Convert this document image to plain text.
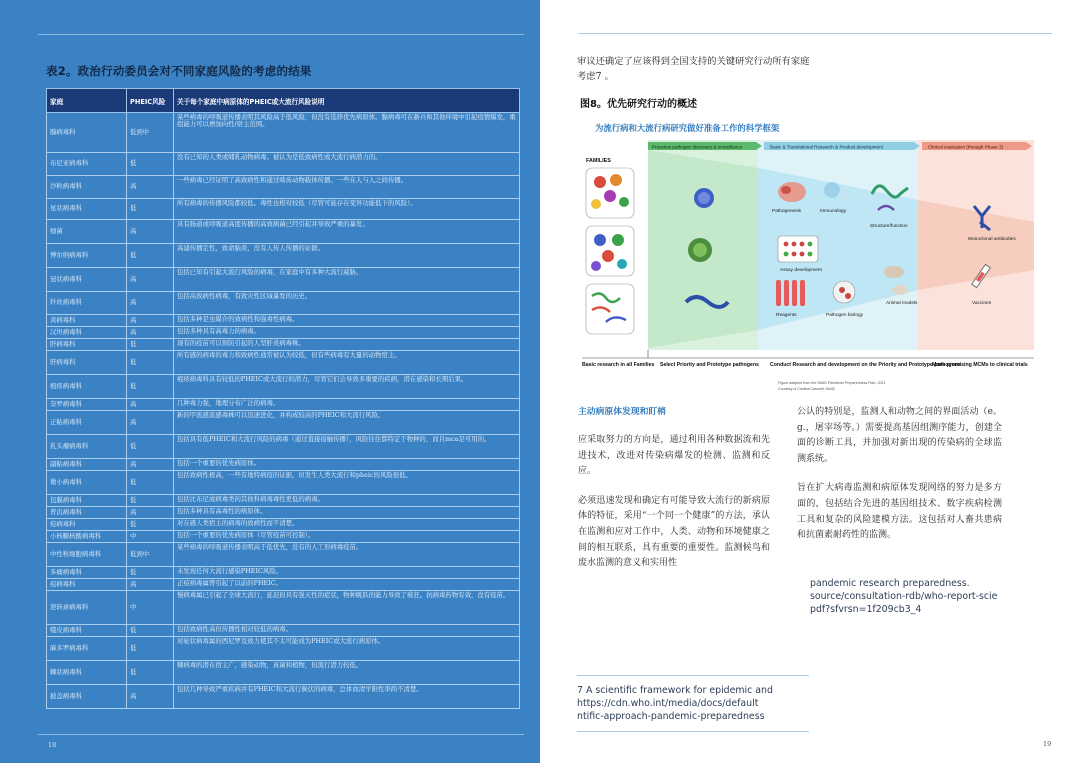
表2。政治行动委员会对不同家庭风险的考虑的结果
家庭	PHEIC风险	关于每个家庭中病原体的PHEIC或大流行风险说明
腺病毒科	低到中	某些病毒的呼吸道传播表明其风险高于低风险，但没有选择优先病原体。腺病毒可在新兵和其他环境中引起疫情爆发，重组能力可以增加向性/宿主范围。
布尼亚病毒科	低	没有已知的人类或哺乳动物病毒。被认为是低致病性或大流行病潜力的。
沙粒病毒科	高	一些病毒已经证明了高致病性和通过啮齿动物载体传播。一些在人与人之间传播。
星状病毒科	低	所有病毒的传播风险都较低。毒性也相对较低（尽管可能存在变异功能低下的风险）。
细菌	高	具有肠道或呼吸道高度传播的高致病菌已经引起并导致严重的暴发。
博尔纳病毒科	低	高建传播定性，致命脑炎，没有人传人传播的证据。
冠状病毒科	高	包括已知有引起大流行风险的病毒，在家庭中有多种大流行威胁。
纤丝病毒科	高	包括高致病性病毒，有致灾性区域暴发的历史。
黄病毒科	高	包括多种是虫媒介的致病性和强毒性病毒。
汉坦病毒科	高	包括多种具有高毒力的病毒。
肝病毒科	低	现有的疫苗可以预防引起的人型肝炎病毒株。
肝病毒科	低	所有感的病毒的毒力和致病性通常被认为较低，但有些病毒有大量的动物宿主。
疱疹病毒科	低	疱疹病毒科具有较低的PHEIC或大流行的潜力，尽管它们会导致多重要的疾病，潜在感染和长期后果。
奈罗病毒科	高	几种毒力强，地理分布广泛的病毒。
正粘病毒科	高	新的甲流感流感毒株可以迅速进化，并构成较高的PHEIC和大流行风险。
乳头瘤病毒科	低	包括具有低PHEIC和大流行风险的病毒（通过直接接触传播），风险往往都特定于物种的，而且mca是可用的。
副粘病毒科	高	包括一个重要的优先病原体。
微小病毒科	低	包括致病性极高，一些有地特病疫的证据，但发生人类大流行和pheic的风险很低。
包膜病毒科	低	包括比布尼或病毒类的其他科病毒毒性更低的病毒。
普沉病毒科	高	包括多种具有高毒性的病原体。
痘病毒科	低	对在感人类宿主的病毒的致病性而不清楚。
小核糖核酸病毒科	中	包括一个重要的优先病原体（尽管疫苗可控制）。
中性粒细胞病毒科	低到中	某些病毒的呼吸道传播表明高于低优先，没有的人工形病毒疫苗。
多瘤病毒科	低	未发现任何大流行感染PHEIC风险。
痘病毒科	高	正痘病毒属曾引起了以前的PHEIC。
逆转录病毒科	中	慢病毒属已引起了全球大流行，延迟但具有强灭性的症状，物种跳跃的能力导致了疯狂。抗病毒药物有效，没有疫苗。
噬皮病毒科	低	包括致病性高但传播性相对较低的病毒。
麻多罗病毒科	低	对轮状病毒属的西尼罗及致力使其不太可能成为PHEIC或大流行病原体。
棘状病毒科	低	棘病毒的潜在宿主广，感染动物，真菌和植物，但流行潜力较低。
披盖病毒科	高	包括几种导致严重疾病并有PHEIC和大流行倒伏的病毒，总体血清学阳性率尚不清楚。
18

审议还确定了应该得到全国支持的关键研究行动所有家庭考虑7 。

图8。优先研究行动的概述
为流行病和大流行病研究做好准备工作的科学框架
Proactive pathogen discovery & surveillance	Basic & Translational Research & Product development	Clinical evaluation (through Phase 3)
FAMILIES
Pathogenesis	Immunology
Structure/function
Assay development
Reagents	Pathogen biology
Animal models
Monoclonal antibodies
Vaccines
Basic research in all Families Select Priority and Prototype pathogens Conduct Research and development on the Priority and Prototype pathogens
Move promising MCMs to clinical trials
Figure adapted from the NIAID Pandemic Preparedness Plan, 2021
Courtesy of Cristina Cassetti, NIAID
主动病原体发现和盯梢

应采取努力的方向是，通过利用各种数据流和先进技术，改进对传染病爆发的检测、监测和反应。

必须迅速发现和确定有可能导致大流行的新病原体的特征，采用“一个同一个健康”的方法，承认在监测和应对工作中，人类、动物和环境健康之间的相互联系，具有重要的重要性。监测候鸟和废水监测的意义和实用性

公认的特别是，监测人和动物之间的界面活动（e。g.，屠宰场等。）需要提高基因组测序能力，创建全面的诊断工具，并加强对新出现的传染病的全球监测系统。

旨在扩大病毒监测和病原体发现网络的努力是多方面的，包括结合先进的基因组技术、数字疾病检测工具和复杂的风险建模方法。这包括对人畜共患病和抗菌素耐药性的监测。

pandemic research preparedness.
source/consultation-rdb/who-report-scie
pdf?sfvrsn=1f209cb3_4
7 A scientific framework for epidemic and
https://cdn.who.int/media/docs/default
ntific-approach-pandemic-preparedness
19
